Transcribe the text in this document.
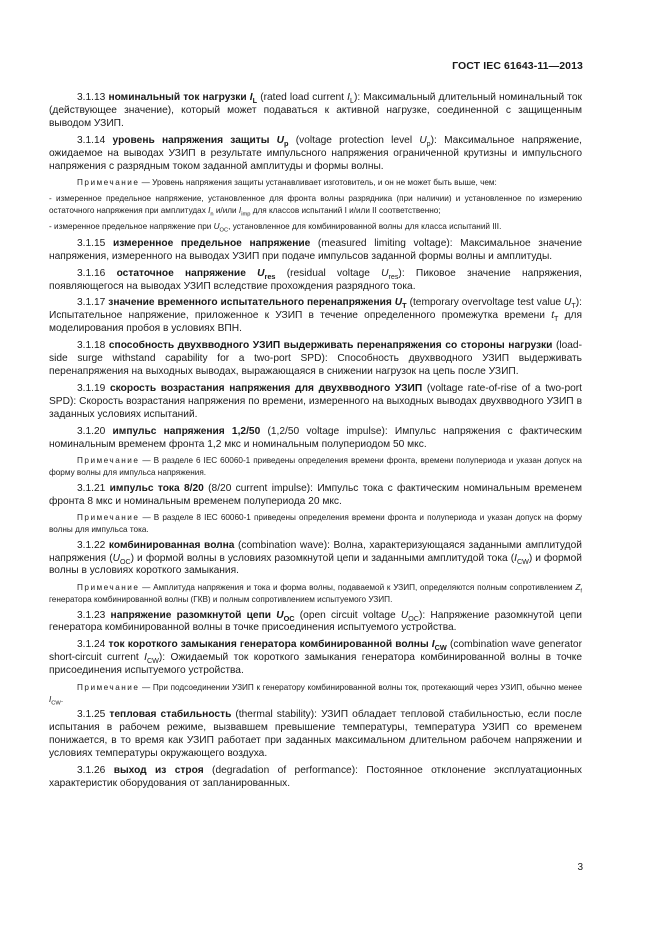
ГОСТ IEC 61643-11—2013

3.1.13 номинальный ток нагрузки $I_L$ (rated load current $I_L$): Максимальный длительный номинальный ток (действующее значение), который может подаваться к активной нагрузке, соединенной с защищенным выводом УЗИП.

3.1.14 уровень напряжения защиты $U_p$ (voltage protection level $U_p$): Максимальное напряжение, ожидаемое на выводах УЗИП в результате импульсного напряжения ограниченной крутизны и импульсного напряжения с разрядным током заданной амплитуды и формы волны.

Примечание — Уровень напряжения защиты устанавливает изготовитель, и он не может быть выше, чем:

- измеренное предельное напряжение, установленное для фронта волны разрядника (при наличии) и установленное по измерению остаточного напряжения при амплитудах $I_n$ и/или $I_{imp}$ для классов испытаний I и/или II соответственно;

- измеренное предельное напряжение при $U_{OC}$, установленное для комбинированной волны для класса испытаний III.

3.1.15 измеренное предельное напряжение (measured limiting voltage): Максимальное значение напряжения, измеренного на выводах УЗИП при подаче импульсов заданной формы волны и амплитуды.

3.1.16 остаточное напряжение $U_{res}$ (residual voltage $U_{res}$): Пиковое значение напряжения, появляющегося на выводах УЗИП вследствие прохождения разрядного тока.

3.1.17 значение временного испытательного перенапряжения $U_T$ (temporary overvoltage test value $U_T$): Испытательное напряжение, приложенное к УЗИП в течение определенного промежутка времени $t_T$ для моделирования пробоя в условиях ВПН.

3.1.18 способность двухвводного УЗИП выдерживать перенапряжения со стороны нагрузки (load-side surge withstand capability for a two-port SPD): Способность двухвводного УЗИП выдерживать перенапряжения на выходных выводах, выражающаяся в снижении нагрузок на цепь после УЗИП.

3.1.19 скорость возрастания напряжения для двухвводного УЗИП (voltage rate-of-rise of a two-port SPD): Скорость возрастания напряжения по времени, измеренного на выходных выводах двухвводного УЗИП в заданных условиях испытаний.

3.1.20 импульс напряжения 1,2/50 (1,2/50 voltage impulse): Импульс напряжения с фактическим номинальным временем фронта 1,2 мкс и номинальным полупериодом 50 мкс.

Примечание — В разделе 6 IEC 60060-1 приведены определения времени фронта, времени полупериода и указан допуск на форму волны для импульса напряжения.

3.1.21 импульс тока 8/20 (8/20 current impulse): Импульс тока с фактическим номинальным временем фронта 8 мкс и номинальным временем полупериода 20 мкс.

Примечание — В разделе 8 IEC 60060-1 приведены определения времени фронта и полупериода и указан допуск на форму волны для импульса тока.

3.1.22 комбинированная волна (combination wave): Волна, характеризующаяся заданными амплитудой напряжения $(U_{OC})$ и формой волны в условиях разомкнутой цепи и заданными амплитудой тока $(I_{CW})$ и формой волны в условиях короткого замыкания.

Примечание — Амплитуда напряжения и тока и форма волны, подаваемой к УЗИП, определяются полным сопротивлением $Z_f$ генератора комбинированной волны (ГКВ) и полным сопротивлением испытуемого УЗИП.

3.1.23 напряжение разомкнутой цепи $U_{OC}$ (open circuit voltage $U_{OC}$): Напряжение разомкнутой цепи генератора комбинированной волны в точке присоединения испытуемого устройства.

3.1.24 ток короткого замыкания генератора комбинированной волны $I_{CW}$ (combination wave generator short-circuit current $I_{CW}$): Ожидаемый ток короткого замыкания генератора комбинированной волны в точке присоединения испытуемого устройства.

Примечание — При подсоединении УЗИП к генератору комбинированной волны ток, протекающий через УЗИП, обычно менее $I_{CW}$.

3.1.25 тепловая стабильность (thermal stability): УЗИП обладает тепловой стабильностью, если после испытания в рабочем режиме, вызвавшем превышение температуры, температура УЗИП со временем понижается, в то время как УЗИП работает при заданных максимальном длительном рабочем напряжении и условиях температуры окружающего воздуха.

3.1.26 выход из строя (degradation of performance): Постоянное отклонение эксплуатационных характеристик оборудования от запланированных.

3
